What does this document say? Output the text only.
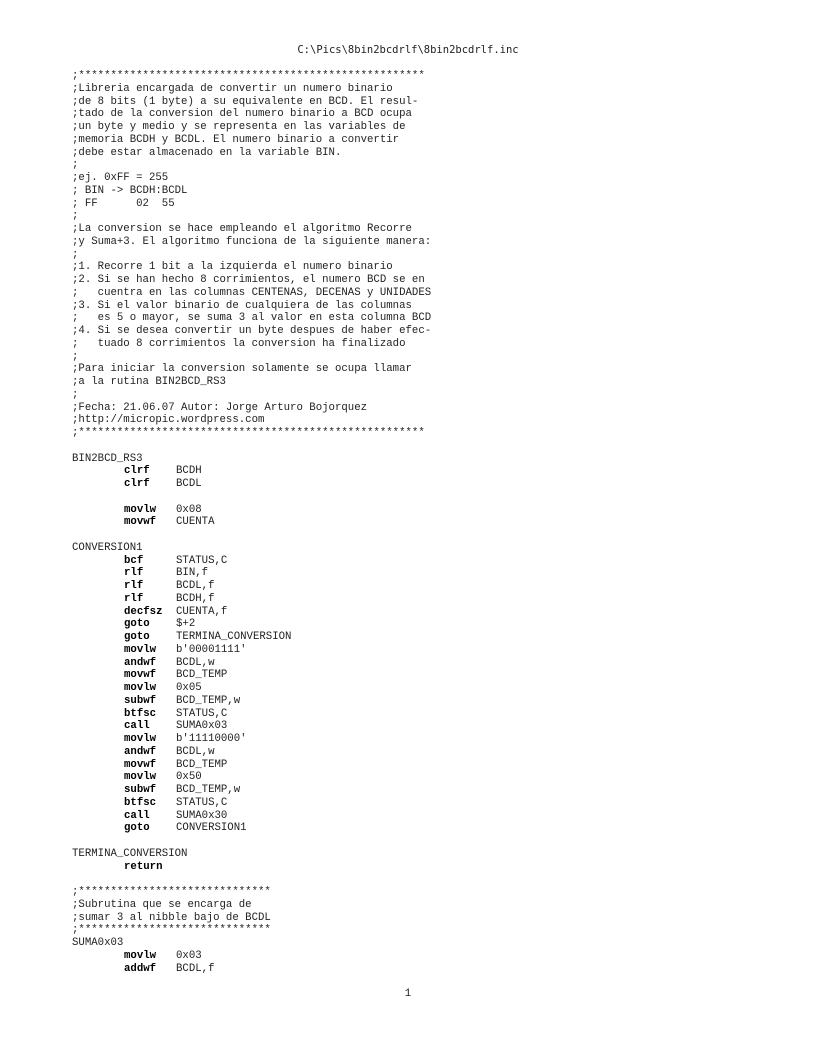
C:\Pics\8bin2bcdrlf\8bin2bcdrlf.inc
;******************************************************
;Libreria encargada de convertir un numero binario
;de 8 bits (1 byte) a su equivalente en BCD. El resul-
;tado de la conversion del numero binario a BCD ocupa
;un byte y medio y se representa en las variables de
;memoria BCDH y BCDL. El numero binario a convertir
;debe estar almacenado en la variable BIN.
;
;ej. 0xFF = 255
; BIN -> BCDH:BCDL
; FF      02  55
;
;La conversion se hace empleando el algoritmo Recorre
;y Suma+3. El algoritmo funciona de la siguiente manera:
;
;1. Recorre 1 bit a la izquierda el numero binario
;2. Si se han hecho 8 corrimientos, el numero BCD se en
;   cuentra en las columnas CENTENAS, DECENAS y UNIDADES
;3. Si el valor binario de cualquiera de las columnas
;   es 5 o mayor, se suma 3 al valor en esta columna BCD
;4. Si se desea convertir un byte despues de haber efec-
;   tuado 8 corrimientos la conversion ha finalizado
;
;Para iniciar la conversion solamente se ocupa llamar
;a la rutina BIN2BCD_RS3
;
;Fecha: 21.06.07 Autor: Jorge Arturo Bojorquez
;http://micropic.wordpress.com
;******************************************************
BIN2BCD_RS3
clrf BCDH
clrf BCDL
movlw 0x08
movwf CUENTA
CONVERSION1
bcf	STATUS,C
rlf	BIN,f
rlf	BCDL,f
rlf	BCDH,f
decfsz CUENTA,f
goto $+2
goto TERMINA_CONVERSION
movlw b'00001111'
andwf BCDL,w
movwf BCD_TEMP
movlw 0x05
subwf BCD_TEMP,w
btfsc STATUS,C
call SUMA0x03
movlw b'11110000'
andwf BCDL,w
movwf BCD_TEMP
movlw 0x50
subwf BCD_TEMP,w
btfsc STATUS,C
call SUMA0x30
goto CONVERSION1
TERMINA_CONVERSION
return
;******************************
;Subrutina que se encarga de
;sumar 3 al nibble bajo de BCDL
;******************************
SUMA0x03
movlw 0x03
addwf BCDL,f
1
